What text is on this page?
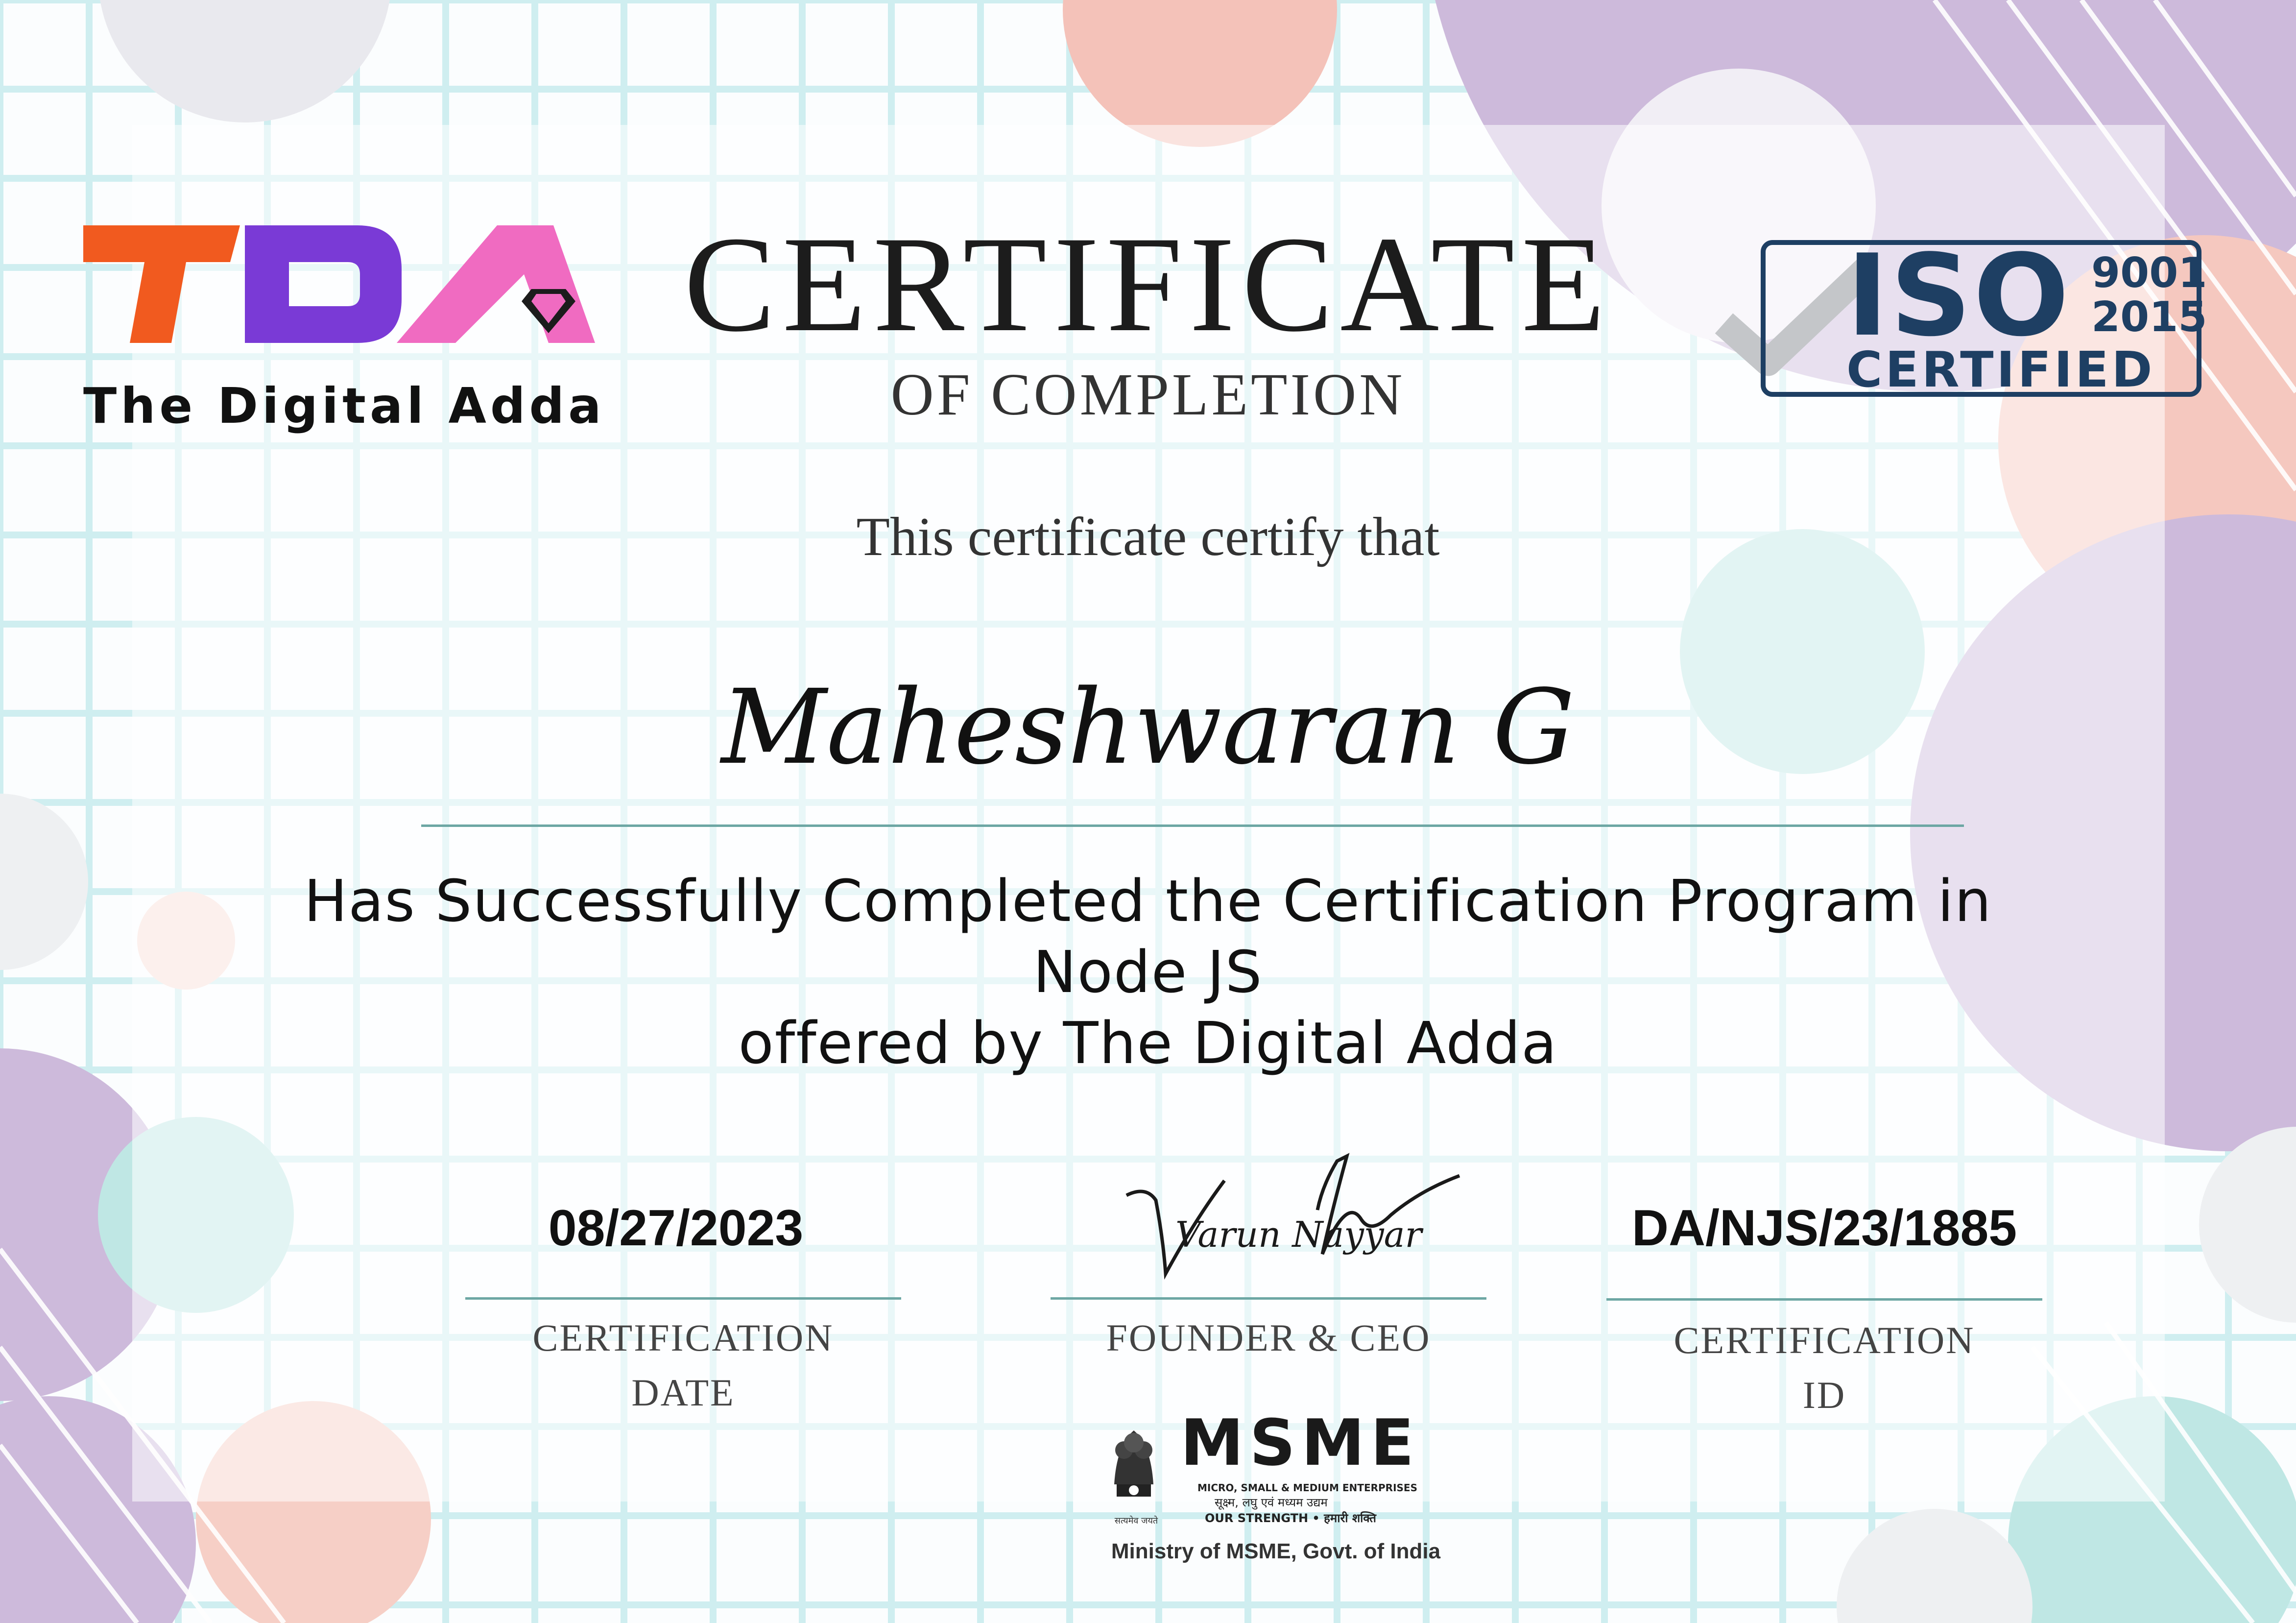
The Digital Adda
CERTIFICATE
OF COMPLETION
ISO 9001
2015
CERTIFIED
This certificate certify that
Maheshwaran G
Has Successfully Completed the Certification Program in
Node JS
offered by The Digital Adda
08/27/2023
CERTIFICATION
DATE
Varun Nayyar
FOUNDER & CEO
DA/NJS/23/1885
CERTIFICATION
ID
सत्यमेव जयते
MSME
MICRO, SMALL & MEDIUM ENTERPRISES
सूक्ष्म, लघु एवं मध्यम उद्यम
OUR STRENGTH • हमारी शक्ति
Ministry of MSME, Govt. of India
